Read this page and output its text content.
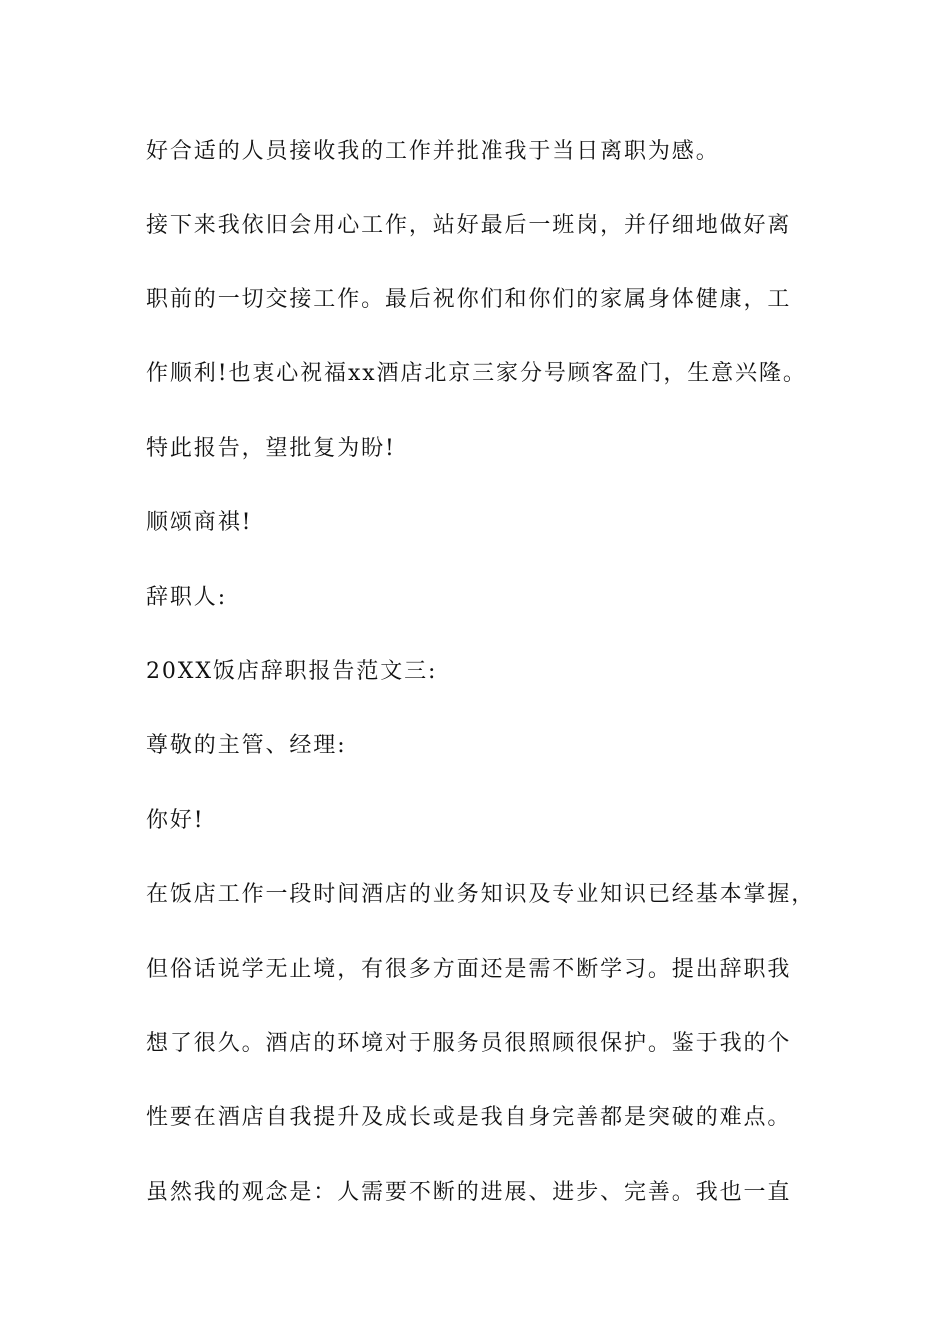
好合适的人员接收我的工作并批准我于当日离职为感。

接下来我依旧会用心工作，站好最后一班岗，并仔细地做好离

职前的一切交接工作。最后祝你们和你们的家属身体健康，工

作顺利!也衷心祝福xx酒店北京三家分号顾客盈门，生意兴隆。

特此报告，望批复为盼!

顺颂商祺!

辞职人:

20XX饭店辞职报告范文三:

尊敬的主管、经理:

你好!

在饭店工作一段时间酒店的业务知识及专业知识已经基本掌握，

但俗话说学无止境，有很多方面还是需不断学习。提出辞职我

想了很久。酒店的环境对于服务员很照顾很保护。鉴于我的个

性要在酒店自我提升及成长或是我自身完善都是突破的难点。

虽然我的观念是：人需要不断的进展、进步、完善。我也一直
